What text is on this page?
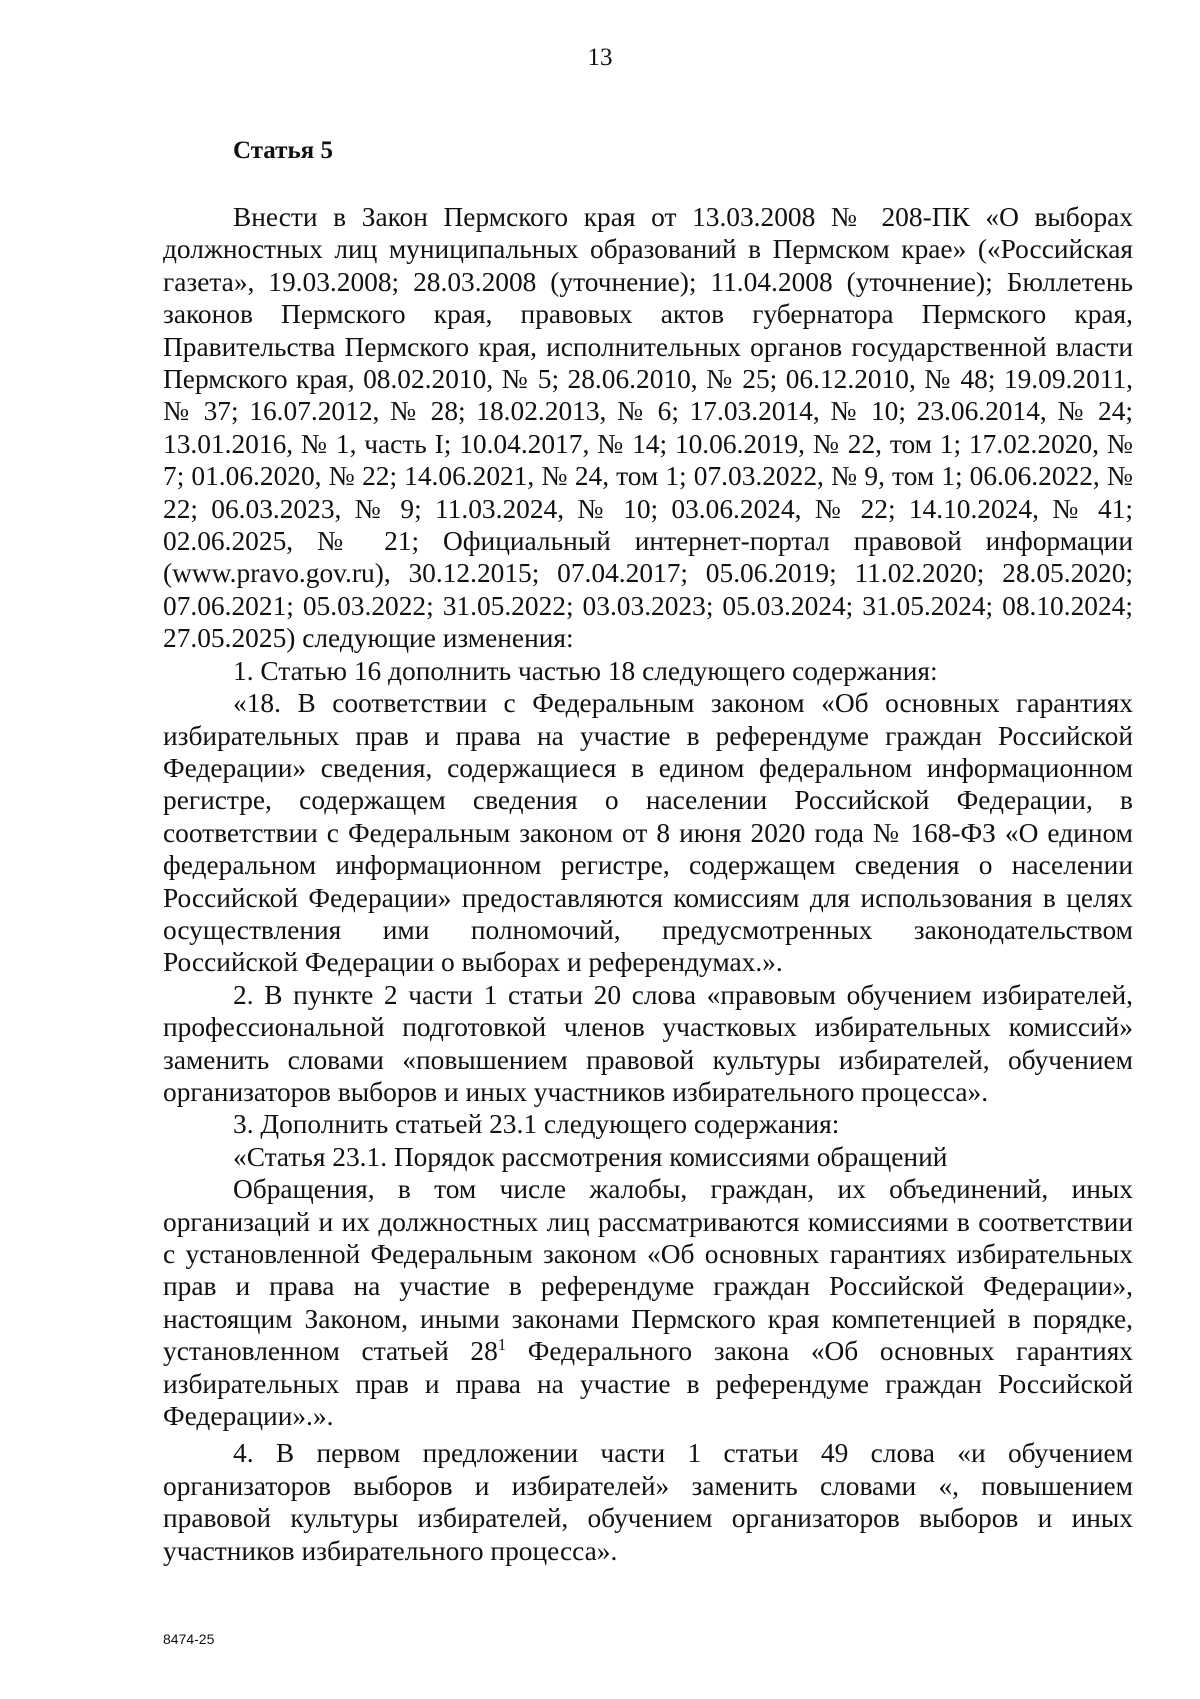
13
Статья 5

Внести в Закон Пермского края от 13.03.2008 № 208-ПК «О выборах должностных лиц муниципальных образований в Пермском крае» («Российская газета», 19.03.2008; 28.03.2008 (уточнение); 11.04.2008 (уточнение); Бюллетень законов Пермского края, правовых актов губернатора Пермского края, Правительства Пермского края, исполнительных органов государственной власти Пермского края, 08.02.2010, № 5; 28.06.2010, № 25; 06.12.2010, № 48; 19.09.2011, № 37; 16.07.2012, № 28; 18.02.2013, № 6; 17.03.2014, № 10; 23.06.2014, № 24; 13.01.2016, № 1, часть I; 10.04.2017, № 14; 10.06.2019, № 22, том 1; 17.02.2020, № 7; 01.06.2020, № 22; 14.06.2021, № 24, том 1; 07.03.2022, № 9, том 1; 06.06.2022, № 22; 06.03.2023, № 9; 11.03.2024, № 10; 03.06.2024, № 22; 14.10.2024, № 41; 02.06.2025, № 21; Официальный интернет-портал правовой информации (www.pravo.gov.ru), 30.12.2015; 07.04.2017; 05.06.2019; 11.02.2020; 28.05.2020; 07.06.2021; 05.03.2022; 31.05.2022; 03.03.2023; 05.03.2024; 31.05.2024; 08.10.2024; 27.05.2025) следующие изменения:

1. Статью 16 дополнить частью 18 следующего содержания:

«18. В соответствии с Федеральным законом «Об основных гарантиях избирательных прав и права на участие в референдуме граждан Российской Федерации» сведения, содержащиеся в едином федеральном информационном регистре, содержащем сведения о населении Российской Федерации, в соответствии с Федеральным законом от 8 июня 2020 года № 168-ФЗ «О едином федеральном информационном регистре, содержащем сведения о населении Российской Федерации» предоставляются комиссиям для использования в целях осуществления ими полномочий, предусмотренных законодательством Российской Федерации о выборах и референдумах.».

2. В пункте 2 части 1 статьи 20 слова «правовым обучением избирателей, профессиональной подготовкой членов участковых избирательных комиссий» заменить словами «повышением правовой культуры избирателей, обучением организаторов выборов и иных участников избирательного процесса».

3. Дополнить статьей 23.1 следующего содержания:

«Статья 23.1. Порядок рассмотрения комиссиями обращений

Обращения, в том числе жалобы, граждан, их объединений, иных организаций и их должностных лиц рассматриваются комиссиями в соответствии с установленной Федеральным законом «Об основных гарантиях избирательных прав и права на участие в референдуме граждан Российской Федерации», настоящим Законом, иными законами Пермского края компетенцией в порядке, установленном статьей $28^1$ Федерального закона «Об основных гарантиях избирательных прав и права на участие в референдуме граждан Российской Федерации».».

4. В первом предложении части 1 статьи 49 слова «и обучением организаторов выборов и избирателей» заменить словами «, повышением правовой культуры избирателей, обучением организаторов выборов и иных участников избирательного процесса».

8474-25
